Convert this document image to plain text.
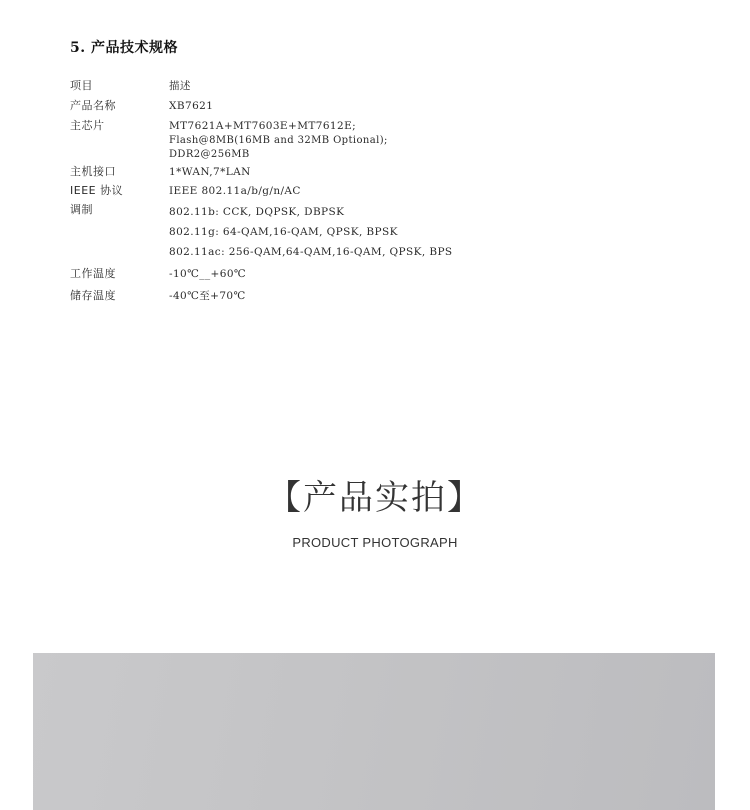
5. 产品技术规格
项目	描述
产品名称	XB7621
主芯片	MT7621A+MT7603E+MT7612E;
Flash@8MB(16MB and 32MB Optional);
DDR2@256MB
主机接口	1*WAN,7*LAN
IEEE 协议	IEEE 802.11a/b/g/n/AC
调制	802.11b: CCK, DQPSK, DBPSK
802.11g: 64-QAM,16-QAM, QPSK, BPSK
802.11ac: 256-QAM,64-QAM,16-QAM, QPSK, BPS
工作温度	-10℃__+60℃
储存温度	-40℃至+70℃
【产品实拍】
PRODUCT PHOTOGRAPH
